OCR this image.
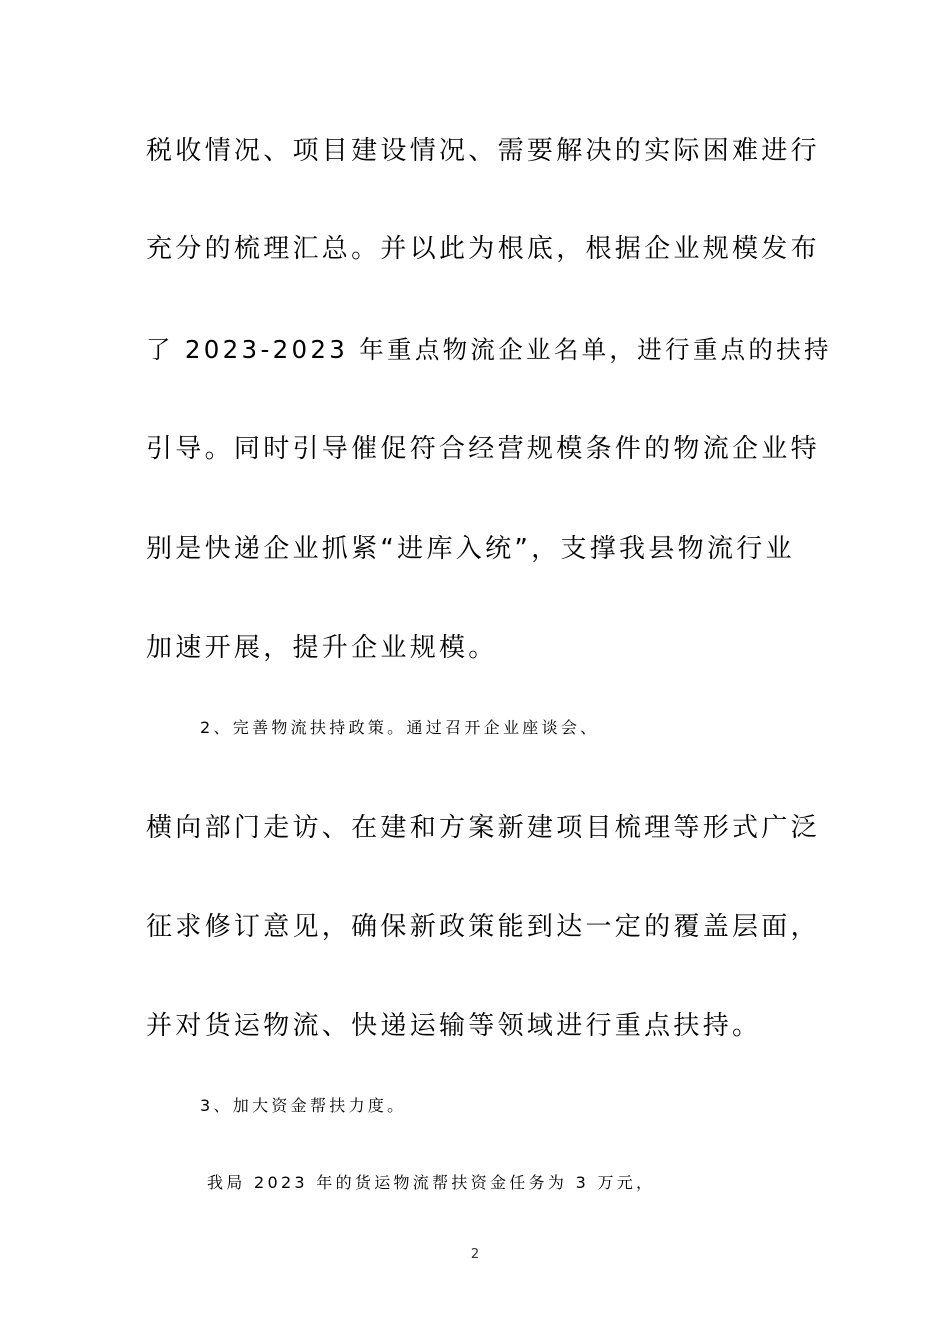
税收情况、项目建设情况、需要解决的实际困难进行
充分的梳理汇总。并以此为根底，根据企业规模发布
了 2023-2023 年重点物流企业名单，进行重点的扶持
引导。同时引导催促符合经营规模条件的物流企业特
别是快递企业抓紧“进库入统”，支撑我县物流行业
加速开展，提升企业规模。
2、完善物流扶持政策。通过召开企业座谈会、
横向部门走访、在建和方案新建项目梳理等形式广泛
征求修订意见，确保新政策能到达一定的覆盖层面，
并对货运物流、快递运输等领域进行重点扶持。
3、加大资金帮扶力度。
我局 2023 年的货运物流帮扶资金任务为 3 万元，
2
